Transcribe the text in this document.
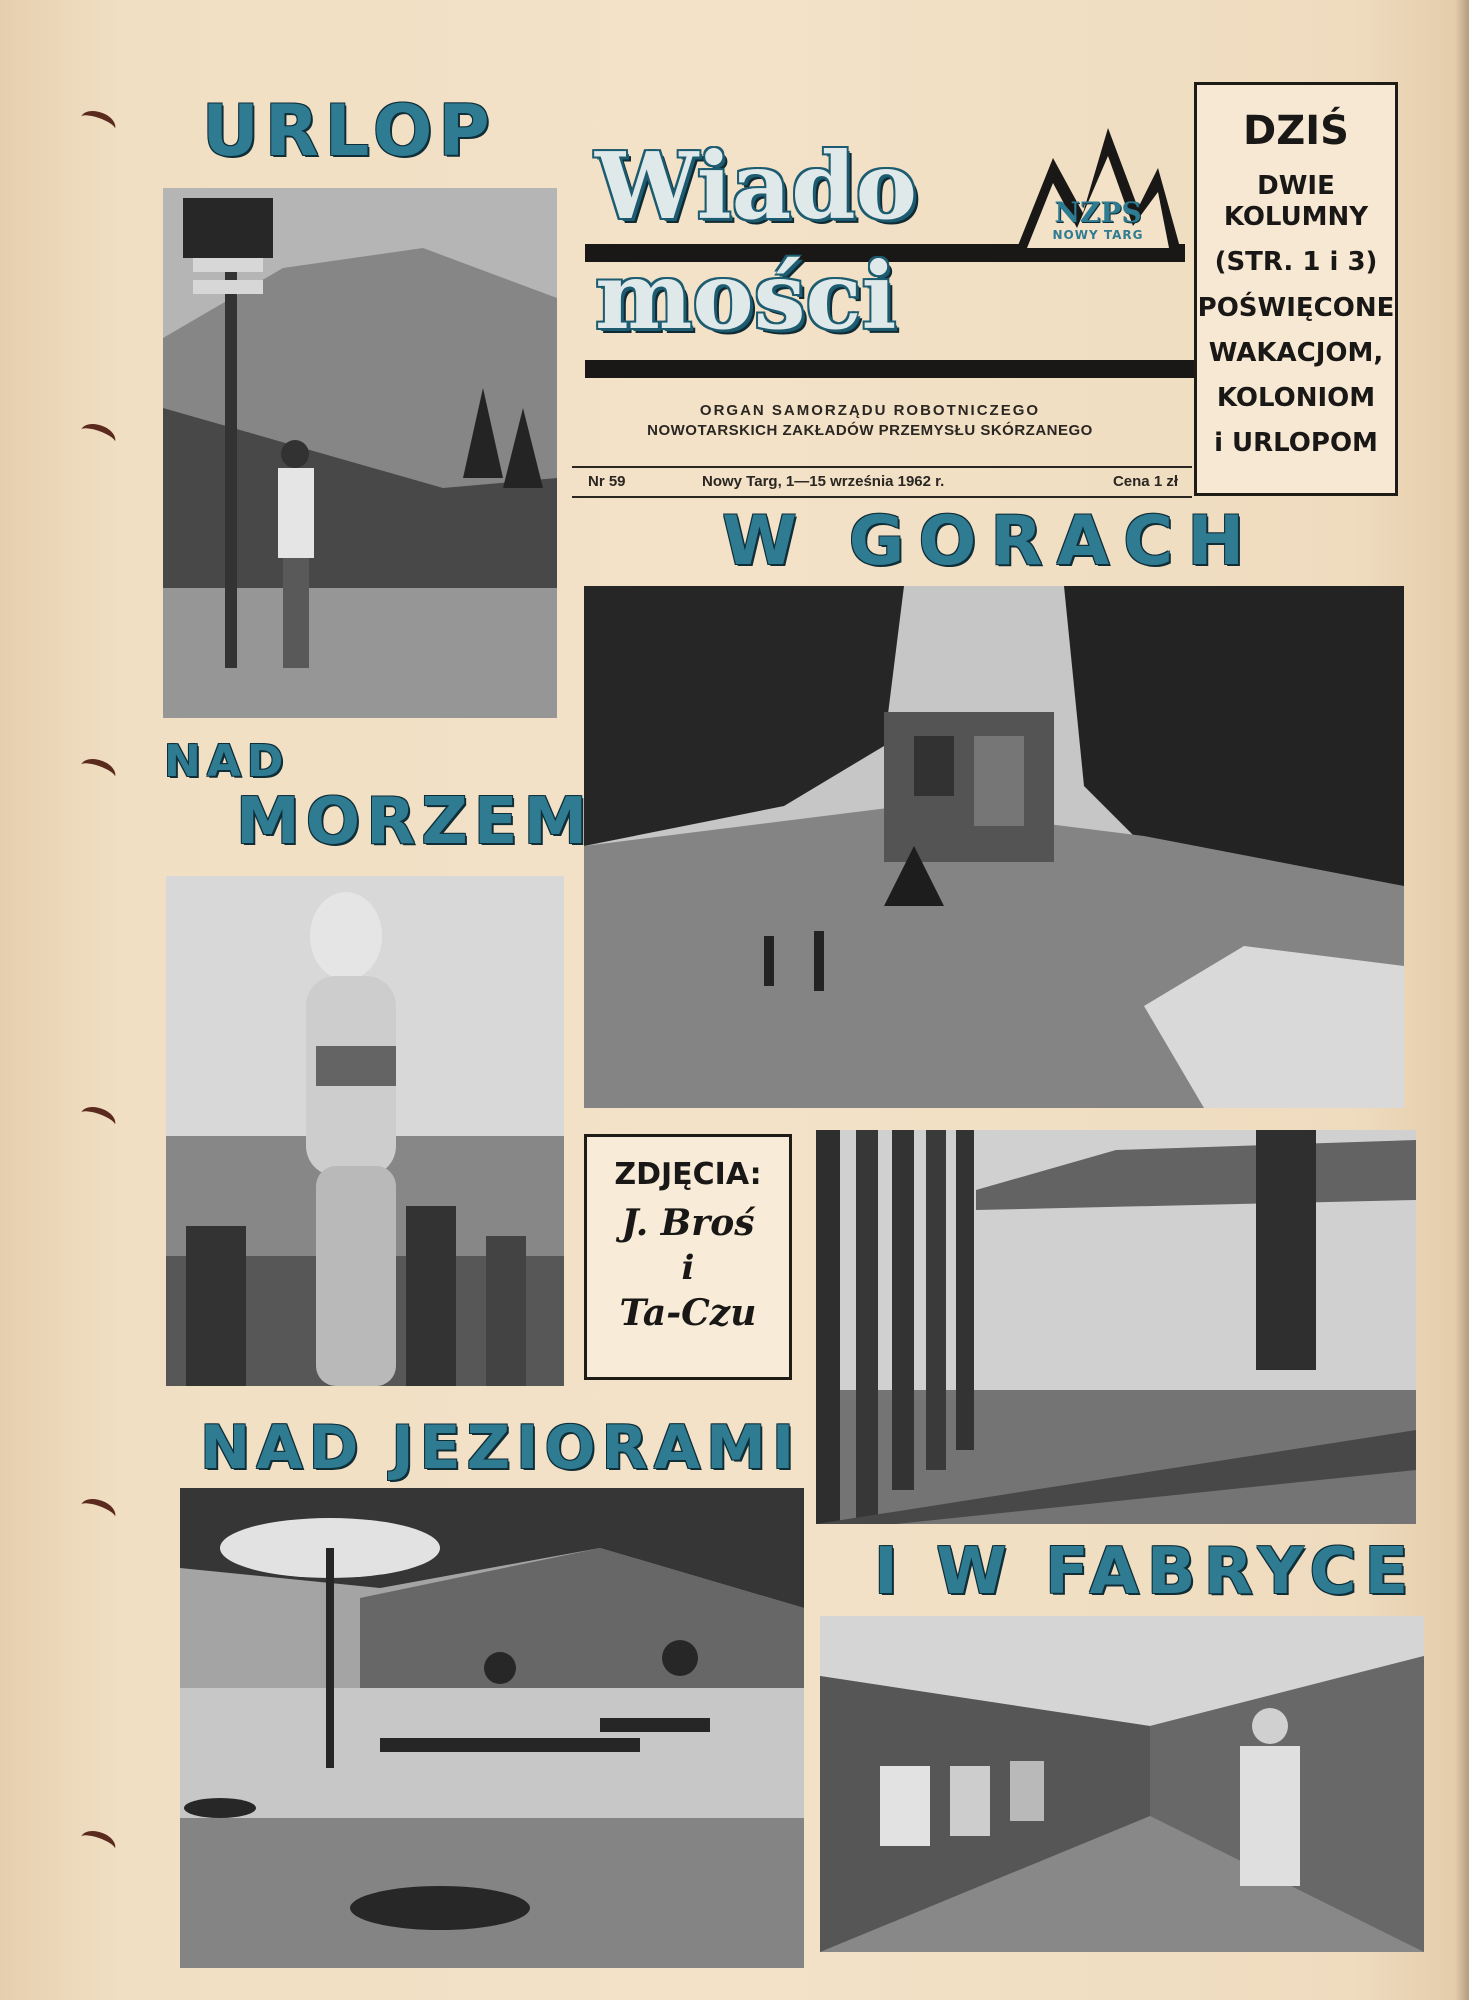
URLOP
Wiado
mości
NZPS
NOWY TARG

ORGAN SAMORZĄDU ROBOTNICZEGO

NOWOTARSKICH ZAKŁADÓW PRZEMYSŁU SKÓRZANEGO

Nr 59	Nowy Targ, 1—15 września 1962 r.	Cena 1 zł
DZIŚ
DWIE KOLUMNY
(STR. 1 i 3)
POŚWIĘCONE
WAKACJOM,
KOLONIOM
i URLOPOM
W GORACH
NAD
MORZEM
ZDJĘCIA:
J. Broś
i
Ta-Czu
NAD JEZIORAMI
I W FABRYCE
